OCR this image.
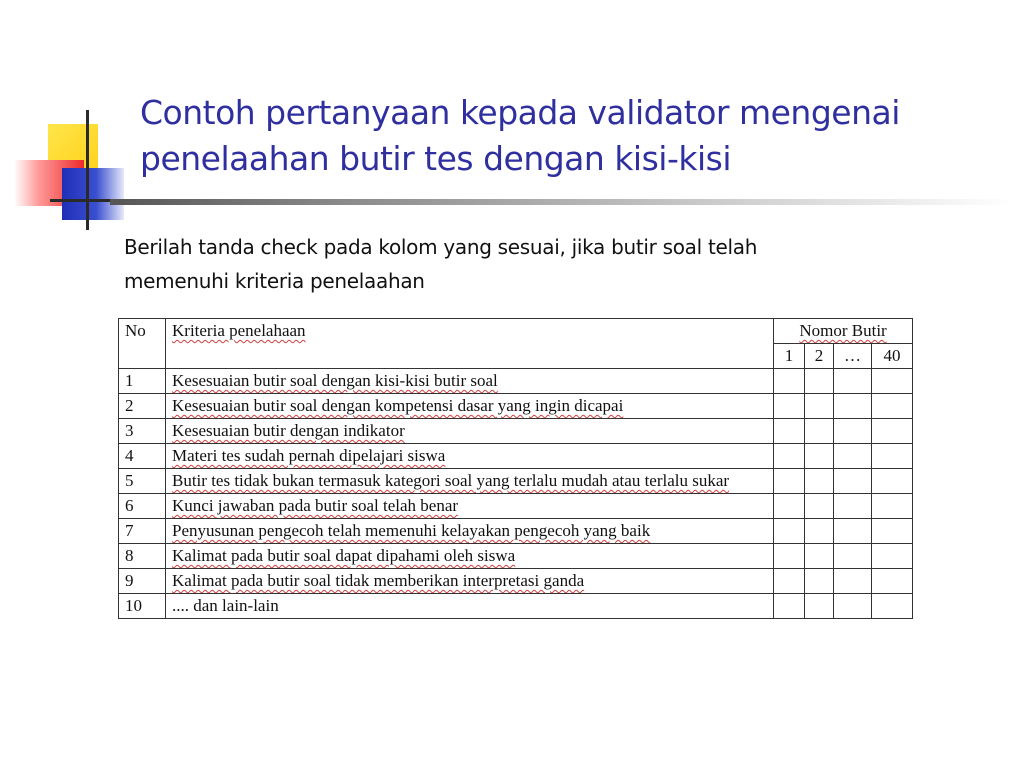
Contoh pertanyaan kepada validator mengenai
penelaahan butir tes dengan kisi-kisi
Berilah tanda check pada kolom yang sesuai, jika butir soal telah
memenuhi kriteria penelaahan
No	Kriteria penelahaan	Nomor Butir			
		1	2	…	40
1	Kesesuaian butir soal dengan kisi-kisi butir soal				
2	Kesesuaian butir soal dengan kompetensi dasar yang ingin dicapai				
3	Kesesuaian butir dengan indikator				
4	Materi tes sudah pernah dipelajari siswa				
5	Butir tes tidak bukan termasuk kategori soal yang terlalu mudah atau terlalu sukar				
6	Kunci jawaban pada butir soal telah benar				
7	Penyusunan pengecoh telah memenuhi kelayakan pengecoh yang baik				
8	Kalimat pada butir soal dapat dipahami oleh siswa				
9	Kalimat pada butir soal tidak memberikan interpretasi ganda				
10	.... dan lain-lain				
